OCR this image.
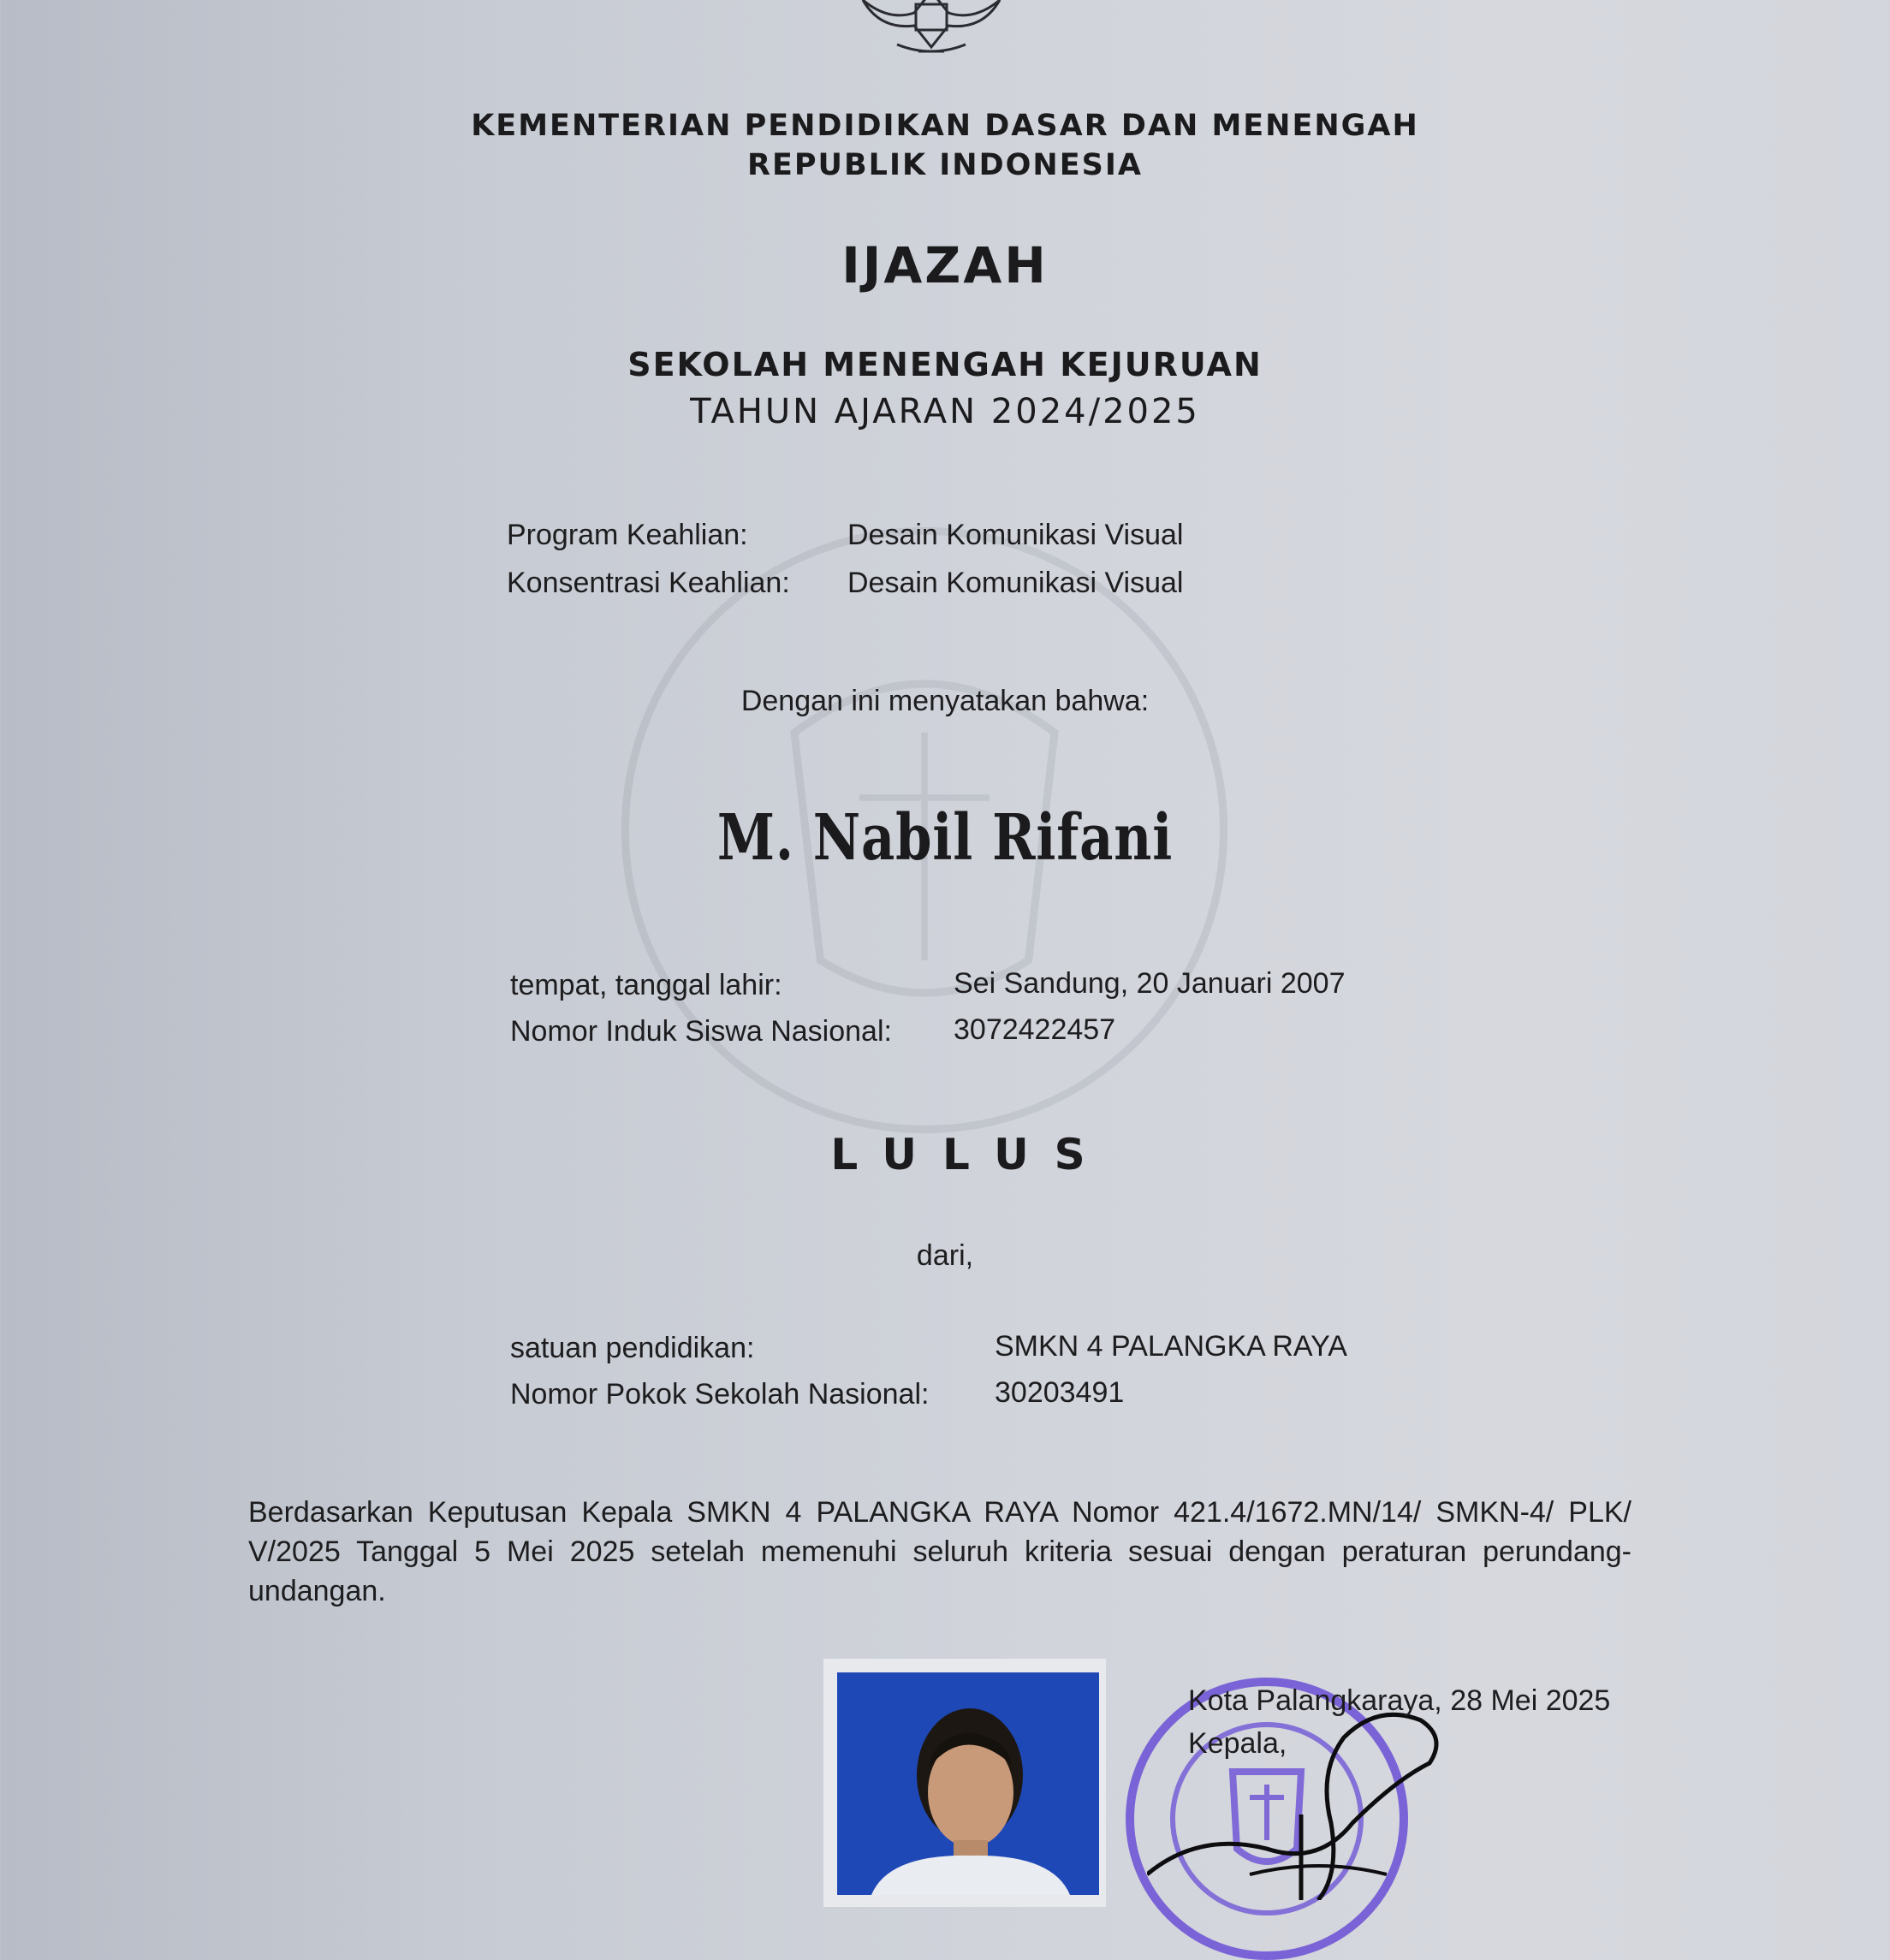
KEMENTERIAN PENDIDIKAN DASAR DAN MENENGAH
REPUBLIK INDONESIA
IJAZAH
SEKOLAH MENENGAH KEJURUAN
TAHUN AJARAN 2024/2025
Program Keahlian:	Desain Komunikasi Visual
Konsentrasi Keahlian: Desain Komunikasi Visual
Dengan ini menyatakan bahwa:
M. Nabil Rifani
tempat, tanggal lahir:	Sei Sandung, 20 Januari 2007
Nomor Induk Siswa Nasional: 3072422457
LULUS
dari,
satuan pendidikan:	SMKN 4 PALANGKA RAYA
Nomor Pokok Sekolah Nasional: 30203491
Berdasarkan Keputusan Kepala SMKN 4 PALANGKA RAYA Nomor 421.4/1672.MN/14/ SMKN-4/ PLK/ V/2025 Tanggal 5 Mei 2025 setelah memenuhi seluruh kriteria sesuai dengan peraturan perundang-undangan.
Kota Palangkaraya, 28 Mei 2025
Kepala,
